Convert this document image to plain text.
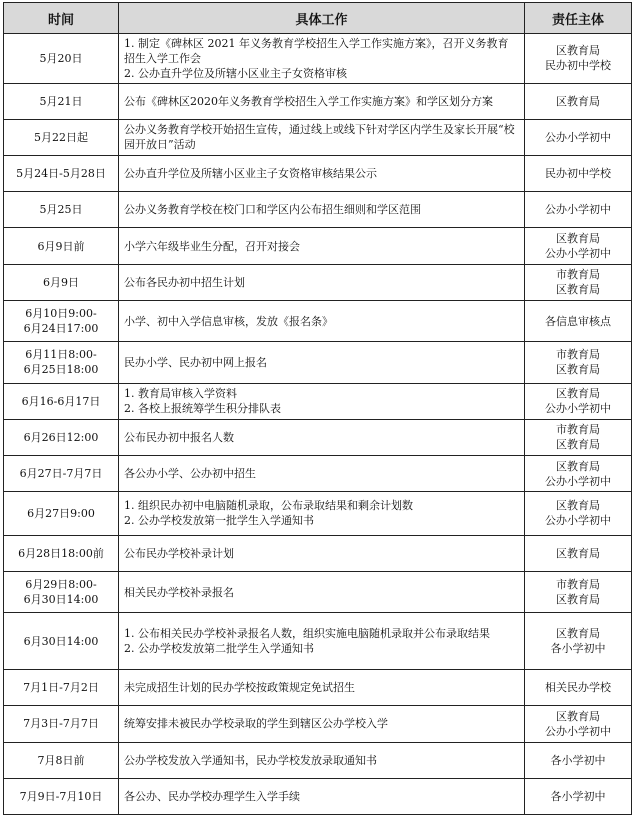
时间	具体工作	责任主体

5月20日	1. 制定《碑林区 2021 年义务教育学校招生入学工作实施方案》，召开义务教育招生入学工作会
2. 公办直升学位及所辖小区业主子女资格审核	区教育局
民办初中学校

5月21日	公布《碑林区2020年义务教育学校招生入学工作实施方案》和学区划分方案	区教育局

5月22日起	公办义务教育学校开始招生宣传，通过线上或线下针对学区内学生及家长开展“校园开放日”活动	公办小学初中

5月24日-5月28日	公办直升学位及所辖小区业主子女资格审核结果公示	民办初中学校

5月25日	公办义务教育学校在校门口和学区内公布招生细则和学区范围	公办小学初中

6月9日前	小学六年级毕业生分配，召开对接会	区教育局
公办小学初中

6月9日	公布各民办初中招生计划	市教育局
区教育局

6月10日9:00-
6月24日17:00	小学、初中入学信息审核，发放《报名条》	各信息审核点

6月11日8:00-
6月25日18:00	民办小学、民办初中网上报名	市教育局
区教育局

6月16-6月17日	1. 教育局审核入学资料
2. 各校上报统筹学生积分排队表	区教育局
公办小学初中

6月26日12:00	公布民办初中报名人数	市教育局
区教育局

6月27日-7月7日	各公办小学、公办初中招生	区教育局
公办小学初中

6月27日9:00	1. 组织民办初中电脑随机录取，公布录取结果和剩余计划数
2. 公办学校发放第一批学生入学通知书	区教育局
公办小学初中

6月28日18:00前	公布民办学校补录计划	区教育局

6月29日8:00-
6月30日14:00	相关民办学校补录报名	市教育局
区教育局

6月30日14:00	1. 公布相关民办学校补录报名人数，组织实施电脑随机录取并公布录取结果
2. 公办学校发放第二批学生入学通知书	区教育局
各小学初中

7月1日-7月2日	未完成招生计划的民办学校按政策规定免试招生	相关民办学校

7月3日-7月7日	统筹安排未被民办学校录取的学生到辖区公办学校入学	区教育局
公办小学初中

7月8日前	公办学校发放入学通知书，民办学校发放录取通知书	各小学初中

7月9日-7月10日	各公办、民办学校办理学生入学手续	各小学初中
